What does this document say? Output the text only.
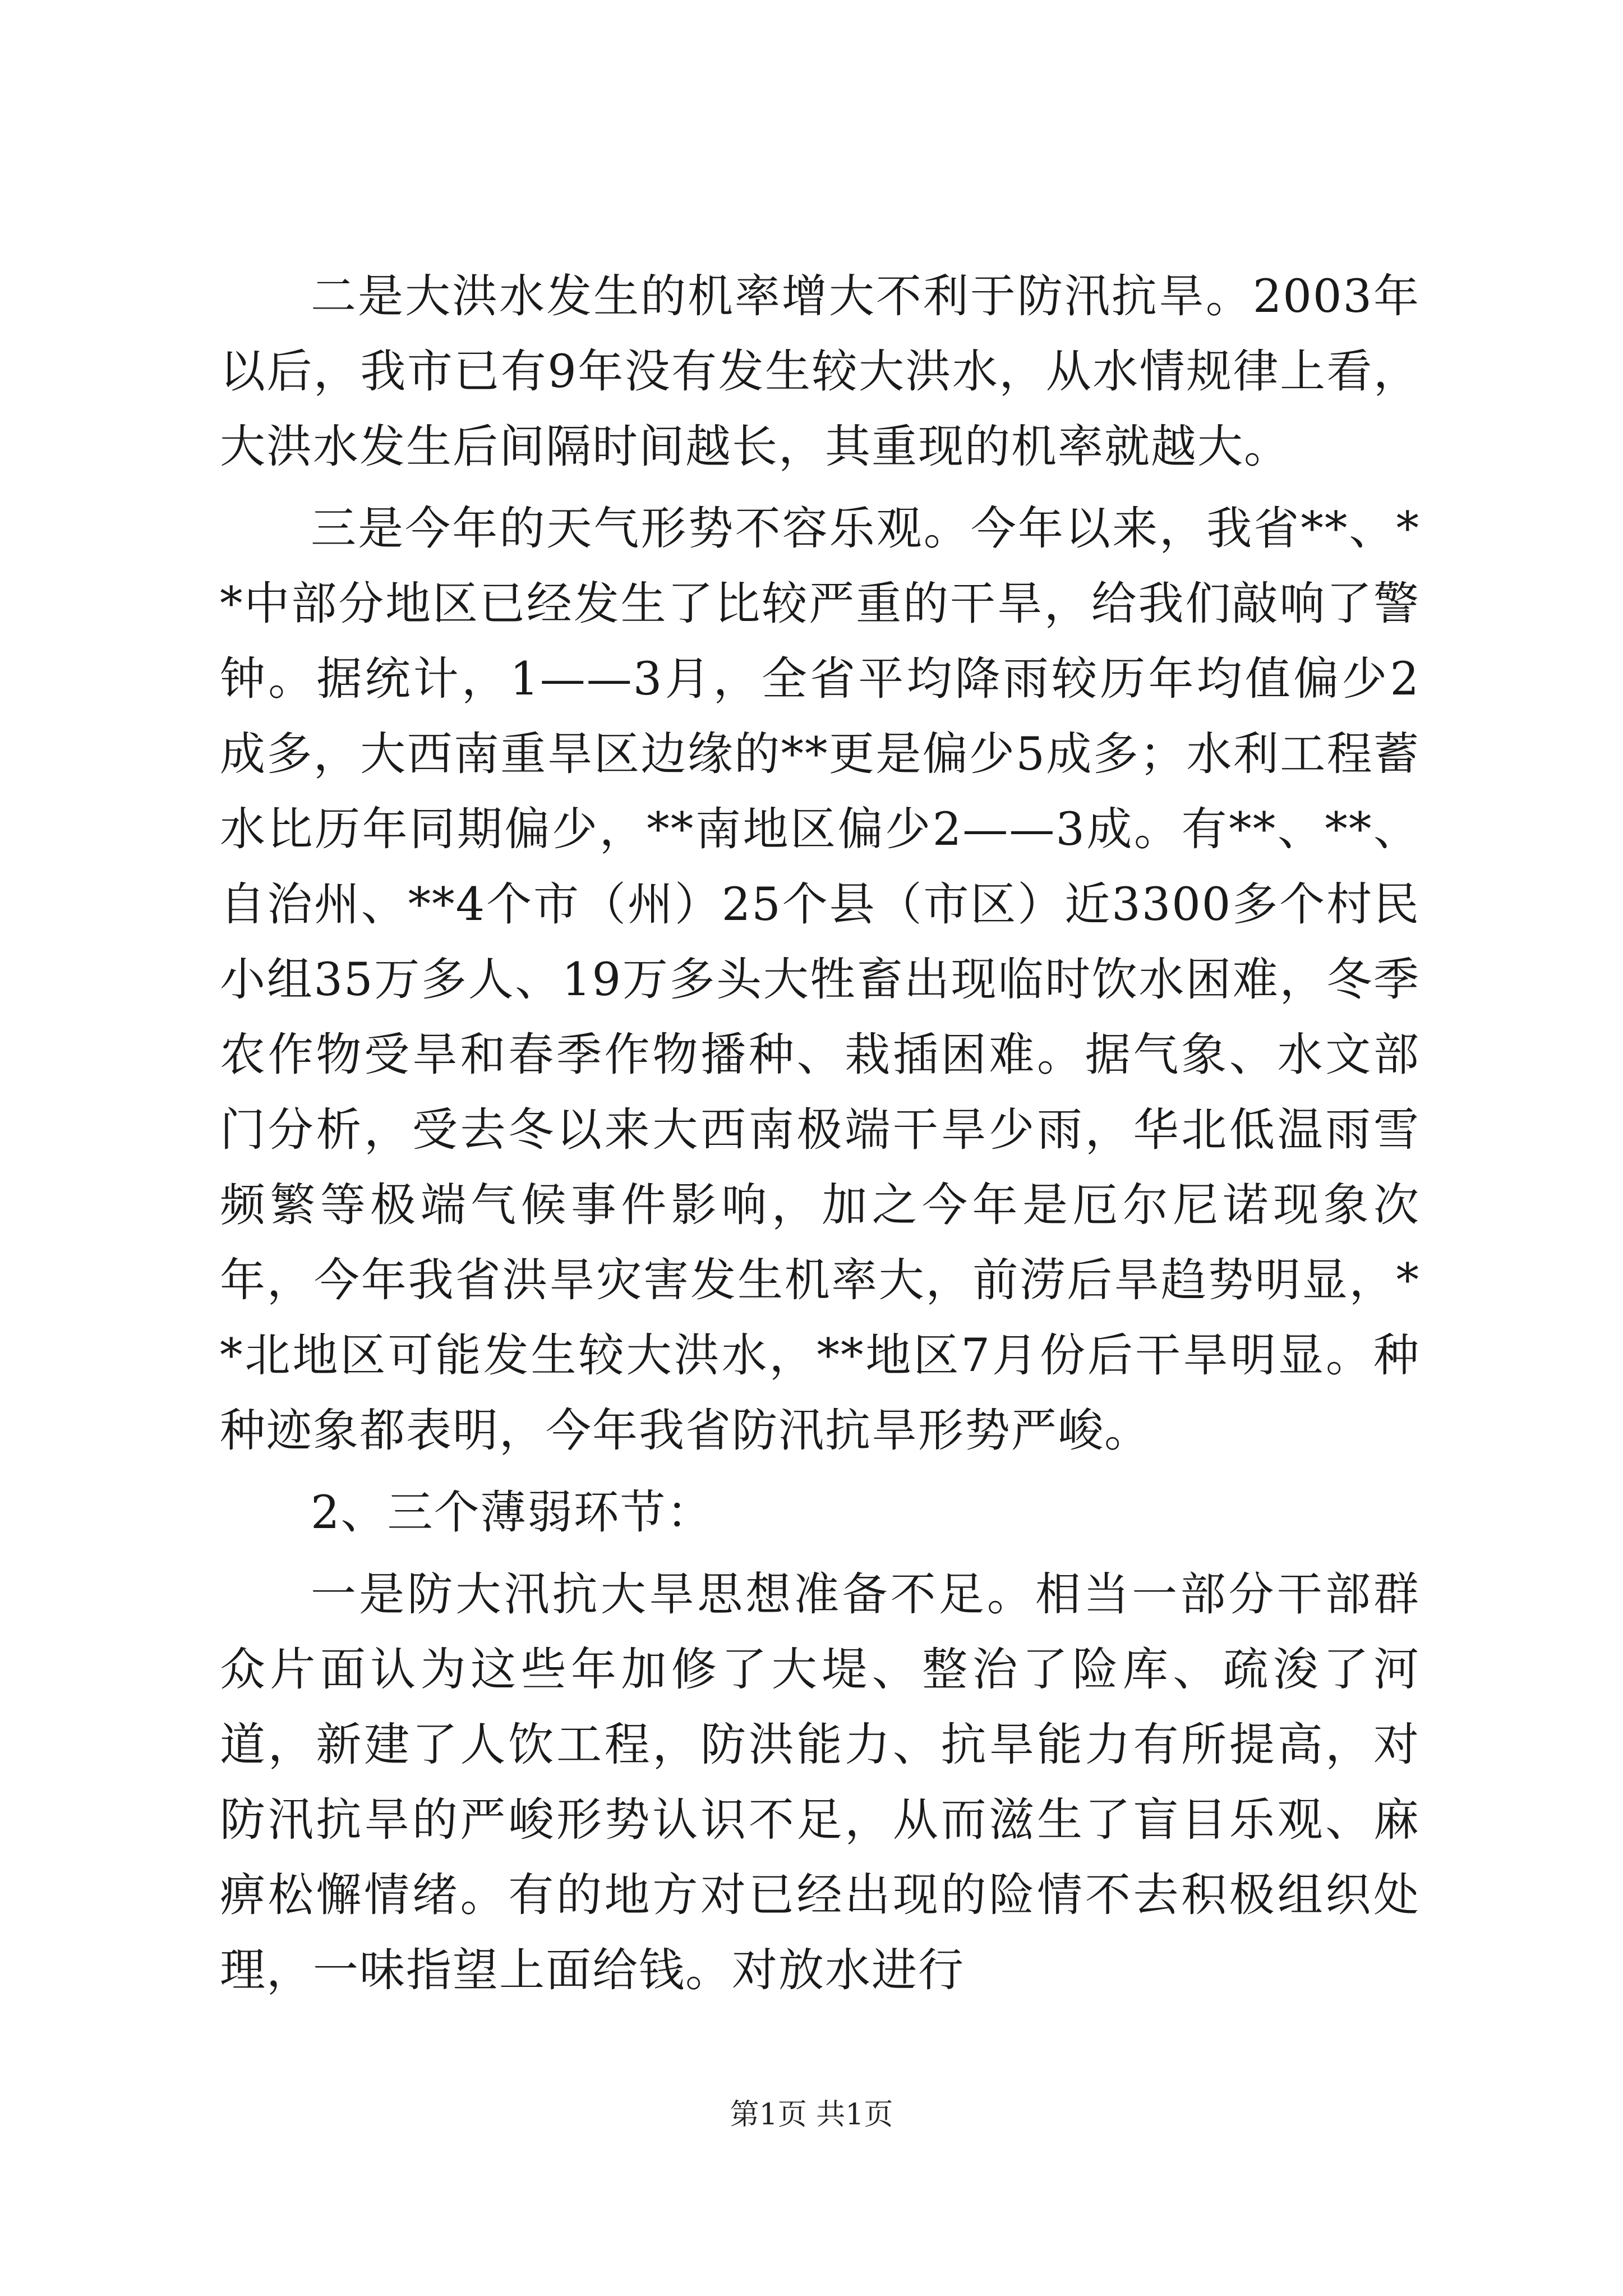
二是大洪水发生的机率增大不利于防汛抗旱。2003年以后，我市已有9年没有发生较大洪水，从水情规律上看，大洪水发生后间隔时间越长，其重现的机率就越大。

三是今年的天气形势不容乐观。今年以来，我省**、**中部分地区已经发生了比较严重的干旱，给我们敲响了警钟。据统计，1——3月，全省平均降雨较历年均值偏少2成多，大西南重旱区边缘的**更是偏少5成多；水利工程蓄水比历年同期偏少，**南地区偏少2——3成。有**、**、自治州、**4个市（州）25个县（市区）近3300多个村民小组35万多人、19万多头大牲畜出现临时饮水困难，冬季农作物受旱和春季作物播种、栽插困难。据气象、水文部门分析，受去冬以来大西南极端干旱少雨，华北低温雨雪频繁等极端气候事件影响，加之今年是厄尔尼诺现象次年，今年我省洪旱灾害发生机率大，前涝后旱趋势明显，**北地区可能发生较大洪水，**地区7月份后干旱明显。种种迹象都表明，今年我省防汛抗旱形势严峻。

2、三个薄弱环节：

一是防大汛抗大旱思想准备不足。相当一部分干部群众片面认为这些年加修了大堤、整治了险库、疏浚了河道，新建了人饮工程，防洪能力、抗旱能力有所提高，对防汛抗旱的严峻形势认识不足，从而滋生了盲目乐观、麻痹松懈情绪。有的地方对已经出现的险情不去积极组织处理，一味指望上面给钱。对放水进行

第1页 共1页
